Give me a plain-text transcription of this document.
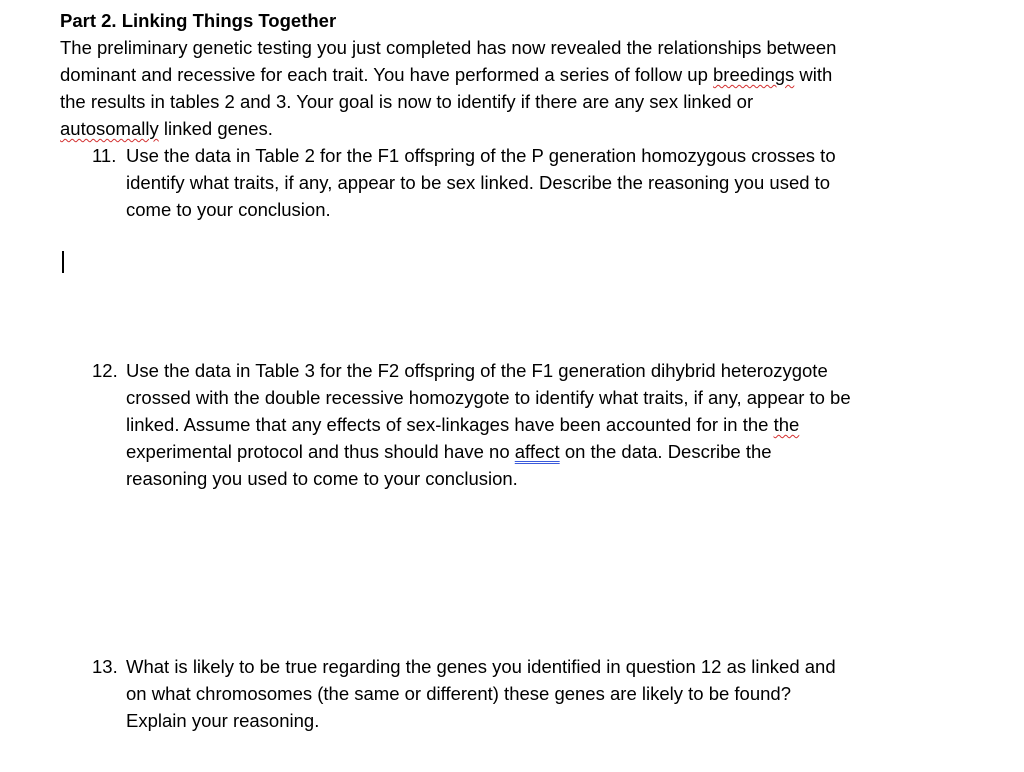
Part 2. Linking Things Together
The preliminary genetic testing you just completed has now revealed the relationships between
dominant and recessive for each trait. You have performed a series of follow up breedings with
the results in tables 2 and 3. Your goal is now to identify if there are any sex linked or
autosomally linked genes.
11. Use the data in Table 2 for the F1 offspring of the P generation homozygous crosses to
identify what traits, if any, appear to be sex linked. Describe the reasoning you used to
come to your conclusion.
12. Use the data in Table 3 for the F2 offspring of the F1 generation dihybrid heterozygote
crossed with the double recessive homozygote to identify what traits, if any, appear to be
linked. Assume that any effects of sex-linkages have been accounted for in the the
experimental protocol and thus should have no affect on the data. Describe the
reasoning you used to come to your conclusion.
13. What is likely to be true regarding the genes you identified in question 12 as linked and
on what chromosomes (the same or different) these genes are likely to be found?
Explain your reasoning.
